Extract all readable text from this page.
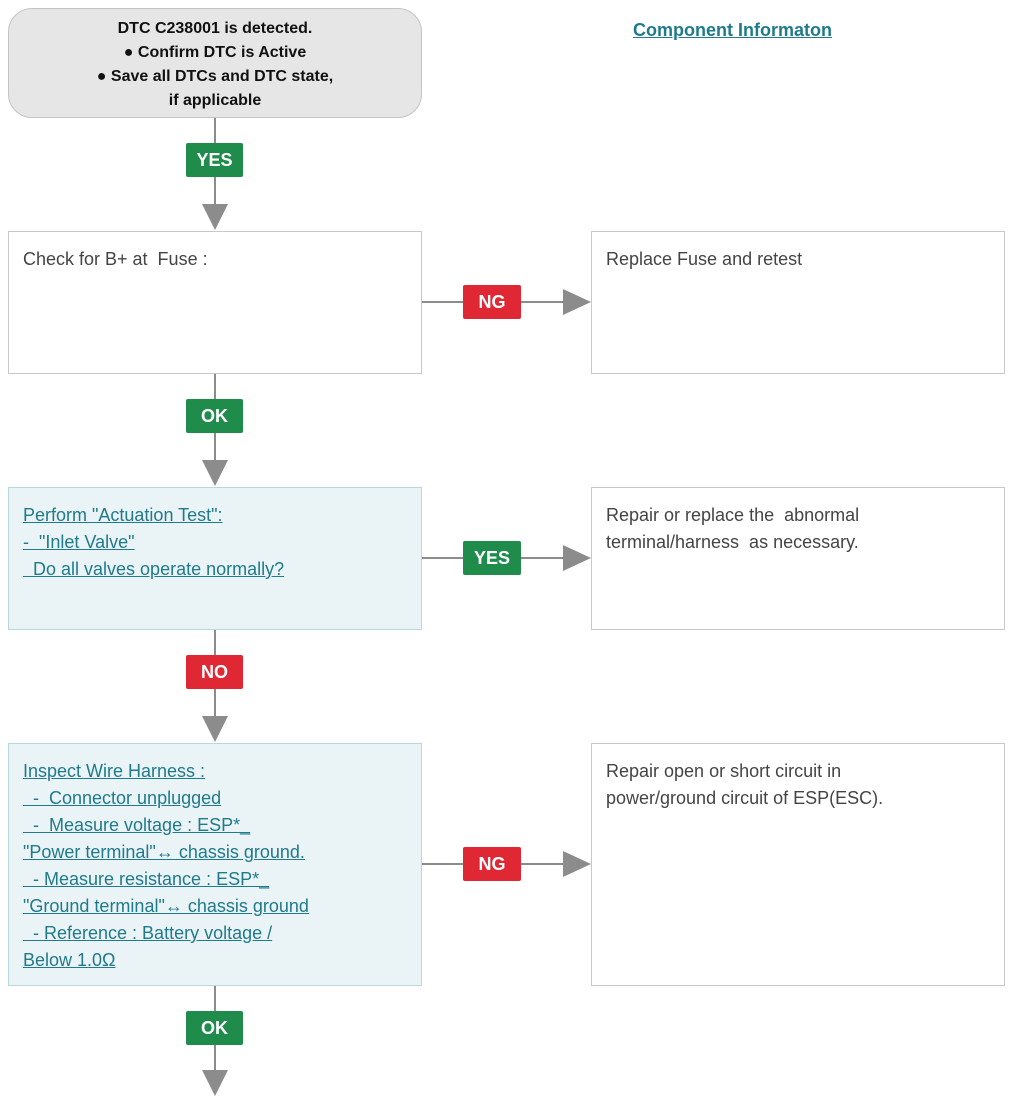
DTC C238001 is detected.
● Confirm DTC is Active
● Save all DTCs and DTC state,
if applicable
Component Informaton
YES
Check for B+ at  Fuse :
NG
Replace Fuse and retest
OK
Perform "Actuation Test":
-  "Inlet Valve"
Do all valves operate normally?
YES
Repair or replace the  abnormal
terminal/harness  as necessary.
NO
Inspect Wire Harness :
-  Connector unplugged
-  Measure voltage : ESP*_
"Power terminal"↔ chassis ground.
- Measure resistance : ESP*_
"Ground terminal"↔ chassis ground
- Reference : Battery voltage /
Below 1.0Ω
NG
Repair open or short circuit in
power/ground circuit of ESP(ESC).
OK
